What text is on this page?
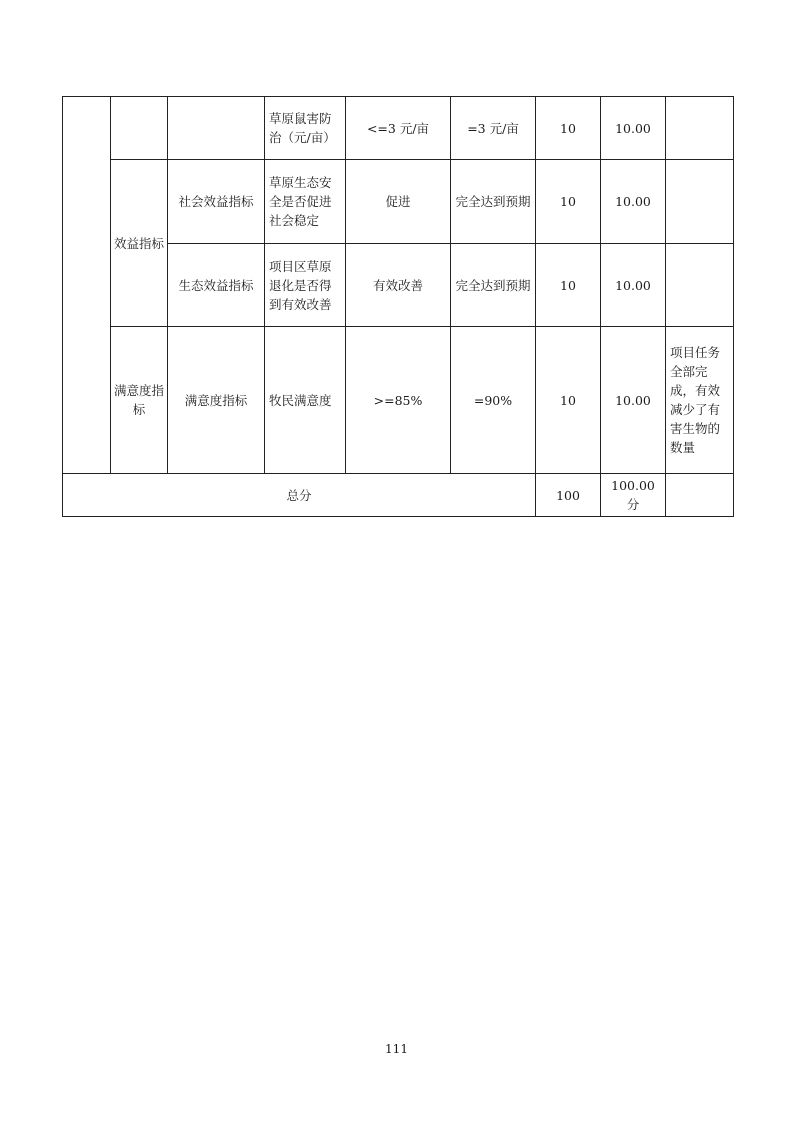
			草原鼠害防治（元/亩）	<=3 元/亩	=3 元/亩	10	10.00	
	效益指标	社会效益指标	草原生态安全是否促进社会稳定	促进	完全达到预期	10	10.00	
		生态效益指标	项目区草原退化是否得到有效改善	有效改善	完全达到预期	10	10.00	
	满意度指标	满意度指标	牧民满意度	>=85%	=90%	10	10.00	项目任务全部完成，有效减少了有害生物的数量
总分						100	100.00 分	
111
